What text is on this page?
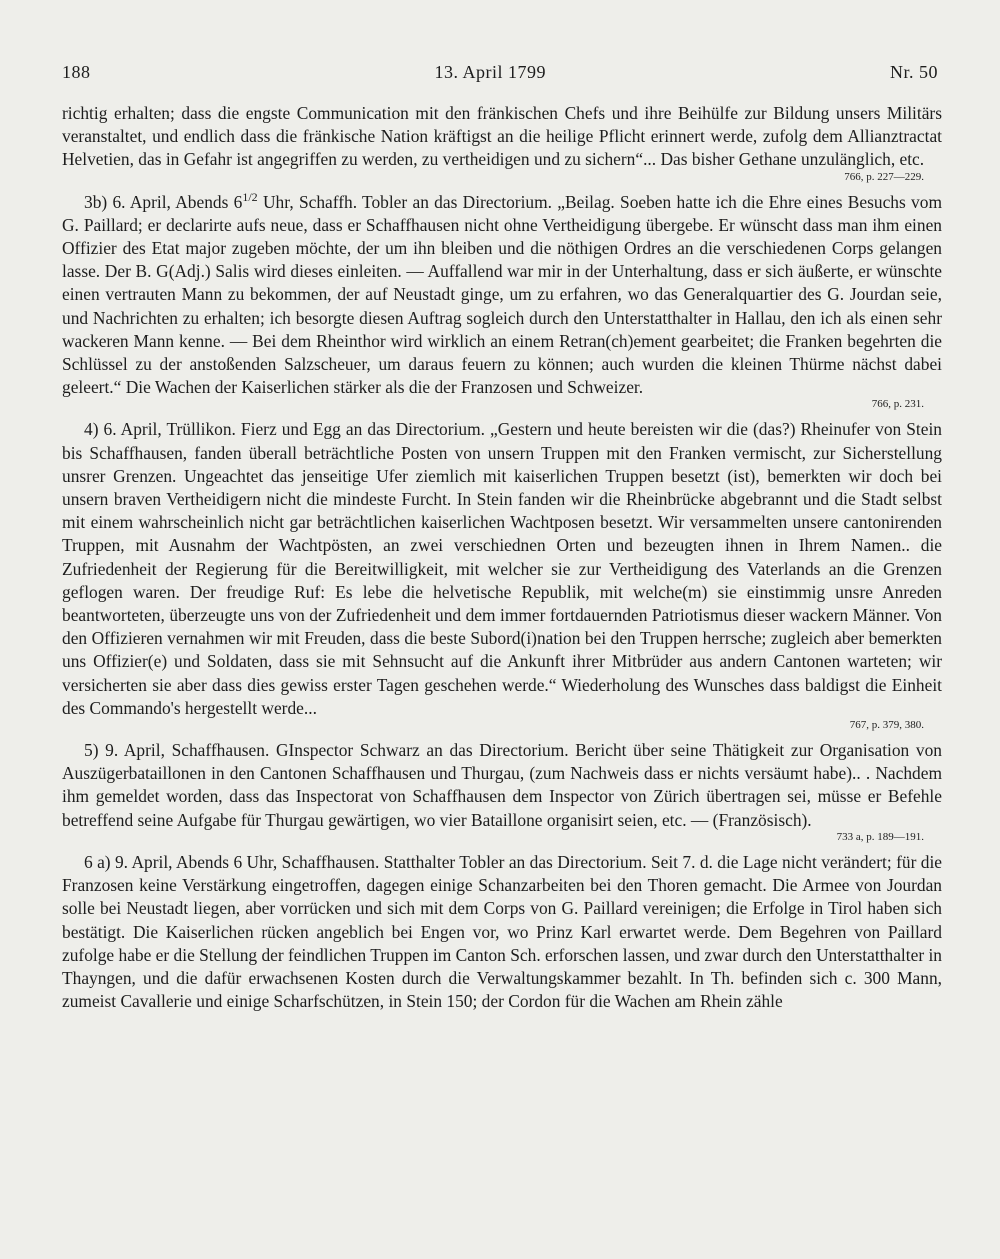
188	13. April 1799	Nr. 50

richtig erhalten; dass die engste Communication mit den fränkischen Chefs und ihre Beihülfe zur Bildung unsers Militärs veranstaltet, und endlich dass die fränkische Nation kräftigst an die heilige Pflicht erinnert werde, zufolg dem Allianztractat Helvetien, das in Gefahr ist angegriffen zu werden, zu vertheidigen und zu sichern“... Das bisher Gethane unzulänglich, etc.
766, p. 227—229.

3b) 6. April, Abends $6^{1/2}$ Uhr, Schaffh. Tobler an das Directorium. „Beilag. Soeben hatte ich die Ehre eines Besuchs vom G. Paillard; er declarirte aufs neue, dass er Schaffhausen nicht ohne Vertheidigung übergebe. Er wünscht dass man ihm einen Offizier des Etat major zugeben möchte, der um ihn bleiben und die nöthigen Ordres an die verschiedenen Corps gelangen lasse. Der B. G(Adj.) Salis wird dieses einleiten. — Auffallend war mir in der Unterhaltung, dass er sich äußerte, er wünschte einen vertrauten Mann zu bekommen, der auf Neustadt ginge, um zu erfahren, wo das Generalquartier des G. Jourdan seie, und Nachrichten zu erhalten; ich besorgte diesen Auftrag sogleich durch den Unterstatthalter in Hallau, den ich als einen sehr wackeren Mann kenne. — Bei dem Rheinthor wird wirklich an einem Retran(ch)ement gearbeitet; die Franken begehrten die Schlüssel zu der anstoßenden Salzscheuer, um daraus feuern zu können; auch wurden die kleinen Thürme nächst dabei geleert.“ Die Wachen der Kaiserlichen stärker als die der Franzosen und Schweizer.
766, p. 231.

4) 6. April, Trüllikon. Fierz und Egg an das Directorium. „Gestern und heute bereisten wir die (das?) Rheinufer von Stein bis Schaffhausen, fanden überall beträchtliche Posten von unsern Truppen mit den Franken vermischt, zur Sicherstellung unsrer Grenzen. Ungeachtet das jenseitige Ufer ziemlich mit kaiserlichen Truppen besetzt (ist), bemerkten wir doch bei unsern braven Vertheidigern nicht die mindeste Furcht. In Stein fanden wir die Rheinbrücke abgebrannt und die Stadt selbst mit einem wahrscheinlich nicht gar beträchtlichen kaiserlichen Wachtposen besetzt. Wir versammelten unsere cantonirenden Truppen, mit Ausnahm der Wachtpösten, an zwei verschiednen Orten und bezeugten ihnen in Ihrem Namen.. die Zufriedenheit der Regierung für die Bereitwilligkeit, mit welcher sie zur Vertheidigung des Vaterlands an die Grenzen geflogen waren. Der freudige Ruf: Es lebe die helvetische Republik, mit welche(m) sie einstimmig unsre Anreden beantworteten, überzeugte uns von der Zufriedenheit und dem immer fortdauernden Patriotismus dieser wackern Männer. Von den Offizieren vernahmen wir mit Freuden, dass die beste Subord(i)nation bei den Truppen herrsche; zugleich aber bemerkten uns Offizier(e) und Soldaten, dass sie mit Sehnsucht auf die Ankunft ihrer Mitbrüder aus andern Cantonen warteten; wir versicherten sie aber dass dies gewiss erster Tagen geschehen werde.“ Wiederholung des Wunsches dass baldigst die Einheit des Commando's hergestellt werde...
767, p. 379, 380.

5) 9. April, Schaffhausen. GInspector Schwarz an das Directorium. Bericht über seine Thätigkeit zur Organisation von Auszügerbataillonen in den Cantonen Schaffhausen und Thurgau, (zum Nachweis dass er nichts versäumt habe).. . Nachdem ihm gemeldet worden, dass das Inspectorat von Schaffhausen dem Inspector von Zürich übertragen sei, müsse er Befehle betreffend seine Aufgabe für Thurgau gewärtigen, wo vier Bataillone organisirt seien, etc. — (Französisch).
733 a, p. 189—191.

6 a) 9. April, Abends 6 Uhr, Schaffhausen. Statthalter Tobler an das Directorium. Seit 7. d. die Lage nicht verändert; für die Franzosen keine Verstärkung eingetroffen, dagegen einige Schanzarbeiten bei den Thoren gemacht. Die Armee von Jourdan solle bei Neustadt liegen, aber vorrücken und sich mit dem Corps von G. Paillard vereinigen; die Erfolge in Tirol haben sich bestätigt. Die Kaiserlichen rücken angeblich bei Engen vor, wo Prinz Karl erwartet werde. Dem Begehren von Paillard zufolge habe er die Stellung der feindlichen Truppen im Canton Sch. erforschen lassen, und zwar durch den Unterstatthalter in Thayngen, und die dafür erwachsenen Kosten durch die Verwaltungskammer bezahlt. In Th. befinden sich c. 300 Mann, zumeist Cavallerie und einige Scharfschützen, in Stein 150; der Cordon für die Wachen am Rhein zähle
